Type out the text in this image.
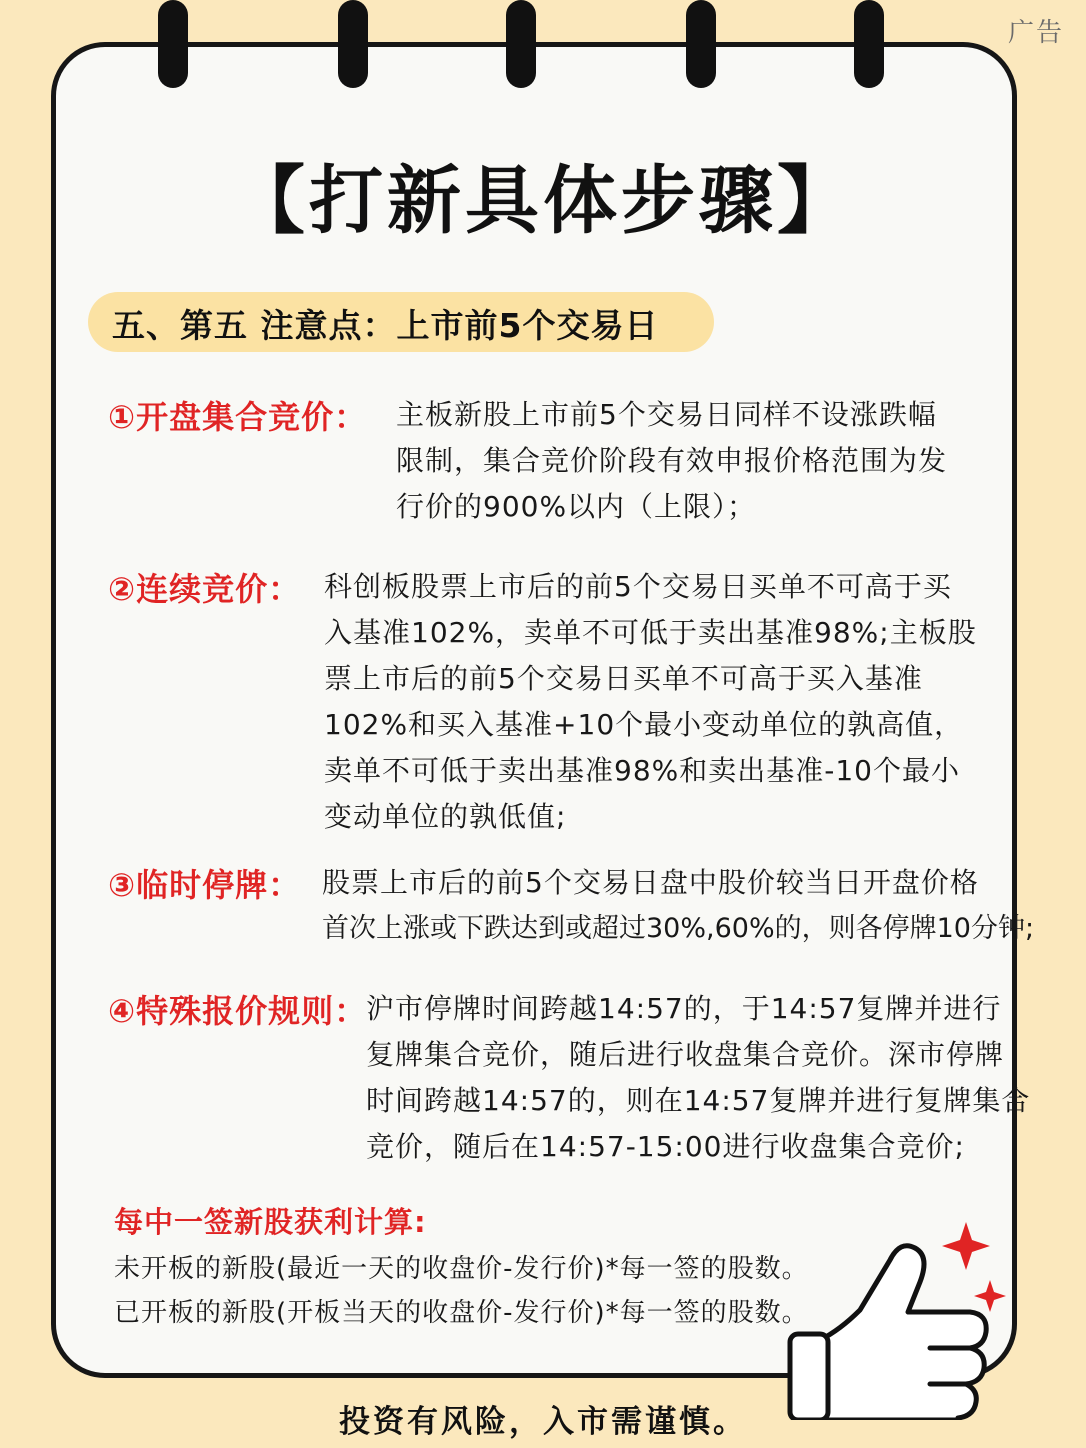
广告
【打新具体步骤】
五、第五 注意点：上市前5个交易日
①开盘集合竞价： 主板新股上市前5个交易日同样不设涨跌幅
限制，集合竞价阶段有效申报价格范围为发
行价的900%以内（上限）；
②连续竞价： 科创板股票上市后的前5个交易日买单不可高于买
入基准102%，卖单不可低于卖出基准98%;主板股
票上市后的前5个交易日买单不可高于买入基准
102%和买入基准+10个最小变动单位的孰高值，
卖单不可低于卖出基准98%和卖出基准-10个最小
变动单位的孰低值;
③临时停牌： 股票上市后的前5个交易日盘中股价较当日开盘价格
首次上涨或下跌达到或超过30%,60%的，则各停牌10分钟;
④特殊报价规则：
沪市停牌时间跨越14:57的，于14:57复牌并进行
复牌集合竞价，随后进行收盘集合竞价。深市停牌
时间跨越14:57的，则在14:57复牌并进行复牌集合
竞价，随后在14:57-15:00进行收盘集合竞价;
每中一签新股获利计算:
未开板的新股(最近一天的收盘价-发行价)*每一签的股数。
已开板的新股(开板当天的收盘价-发行价)*每一签的股数。
投资有风险，入市需谨慎。
